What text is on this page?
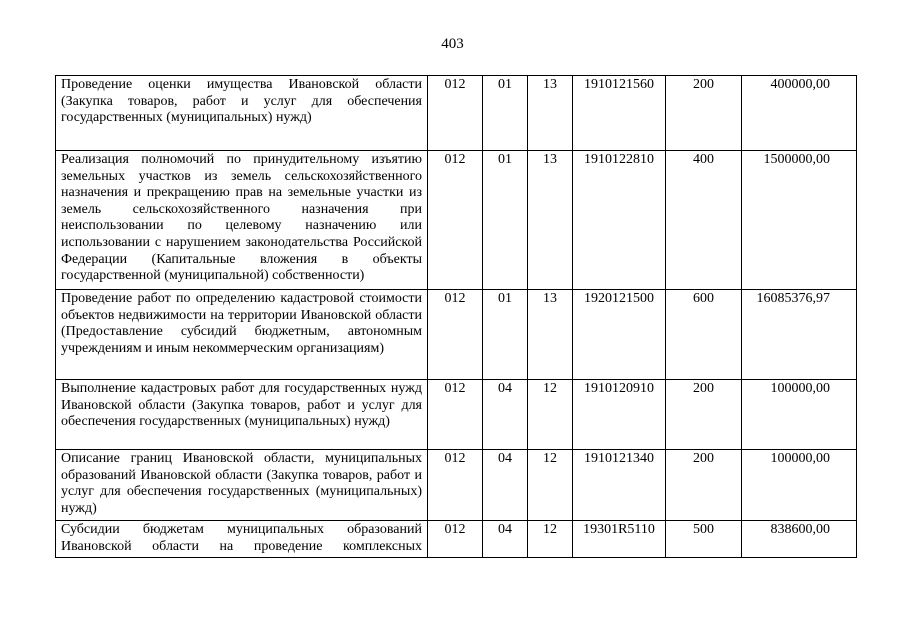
403
Проведение оценки имущества Ивановской области (Закупка товаров, работ и услуг для обеспечения государственных (муниципальных) нужд)	012	01	13	1910121560	200	400000,00
Реализация полномочий по принудительному изъятию земельных участков из земель сельскохозяйственного назначения и прекращению прав на земельные участки из земель сельскохозяйственного назначения при неиспользовании по целевому назначению или использовании с нарушением законодательства Российской Федерации (Капитальные вложения в объекты государственной (муниципальной) собственности)	012	01	13	1910122810	400	1500000,00
Проведение работ по определению кадастровой стоимости объектов недвижимости на территории Ивановской области (Предоставление субсидий бюджетным, автономным учреждениям и иным некоммерческим организациям)	012	01	13	1920121500	600	16085376,97
Выполнение кадастровых работ для государственных нужд Ивановской области (Закупка товаров, работ и услуг для обеспечения государственных (муниципальных) нужд)	012	04	12	1910120910	200	100000,00
Описание границ Ивановской области, муниципальных образований Ивановской области (Закупка товаров, работ и услуг для обеспечения государственных (муниципальных) нужд)	012	04	12	1910121340	200	100000,00
Субсидии бюджетам муниципальных образований Ивановской области на проведение комплексных	012	04	12	19301R5110	500	838600,00
